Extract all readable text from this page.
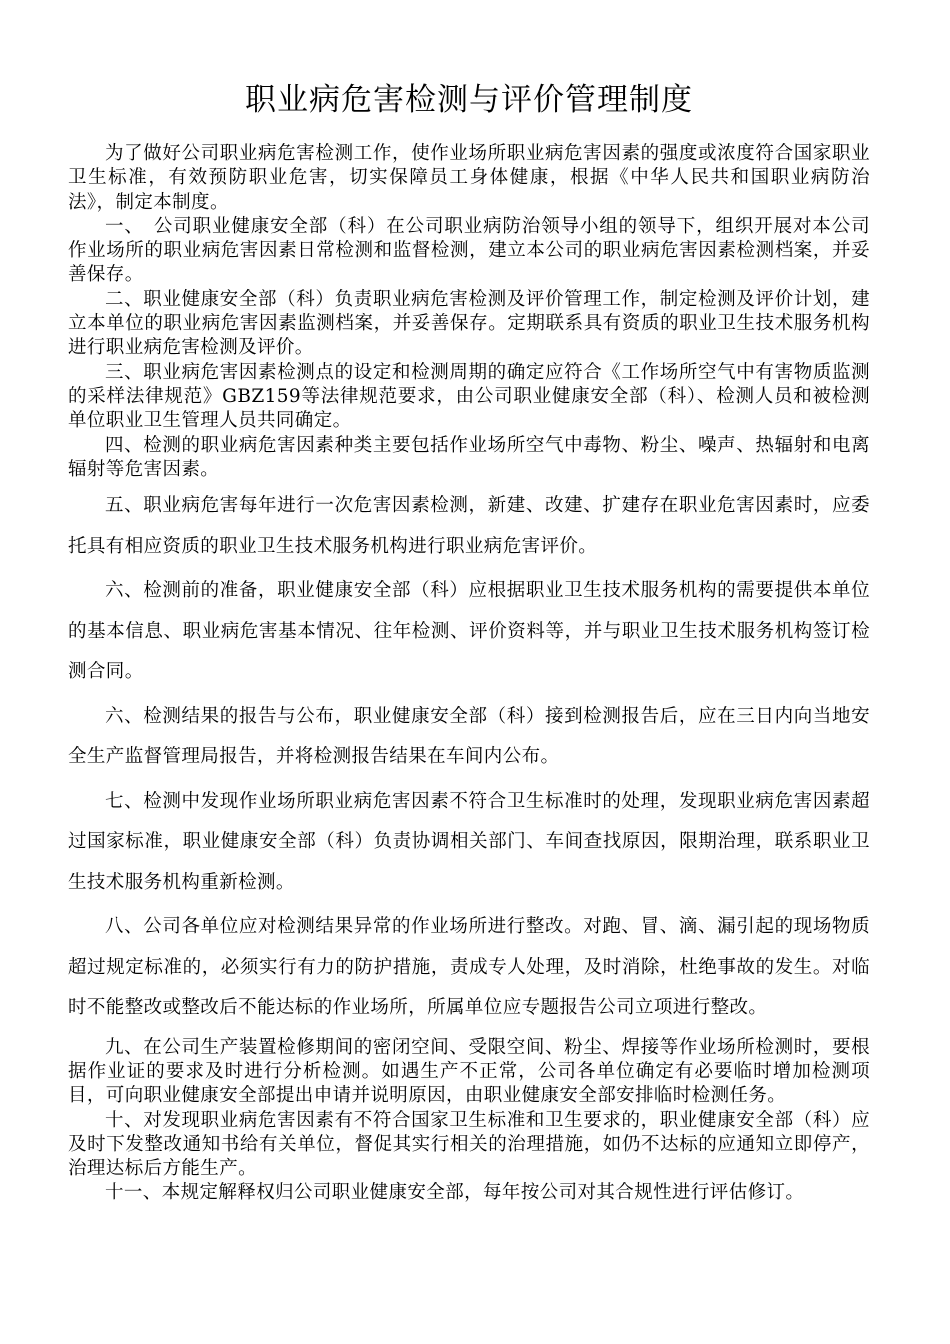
职业病危害检测与评价管理制度

为了做好公司职业病危害检测工作，使作业场所职业病危害因素的强度或浓度符合国家职业卫生标准，有效预防职业危害，切实保障员工身体健康，根据《中华人民共和国职业病防治法》，制定本制度。

一、　公司职业健康安全部（科）在公司职业病防治领导小组的领导下，组织开展对本公司作业场所的职业病危害因素日常检测和监督检测，建立本公司的职业病危害因素检测档案，并妥善保存。

二、职业健康安全部（科）负责职业病危害检测及评价管理工作，制定检测及评价计划，建立本单位的职业病危害因素监测档案，并妥善保存。定期联系具有资质的职业卫生技术服务机构进行职业病危害检测及评价。

三、职业病危害因素检测点的设定和检测周期的确定应符合《工作场所空气中有害物质监测的采样法律规范》GBZ159等法律规范要求，由公司职业健康安全部（科）、检测人员和被检测单位职业卫生管理人员共同确定。

四、检测的职业病危害因素种类主要包括作业场所空气中毒物、粉尘、噪声、热辐射和电离辐射等危害因素。

五、职业病危害每年进行一次危害因素检测，新建、改建、扩建存在职业危害因素时，应委托具有相应资质的职业卫生技术服务机构进行职业病危害评价。

六、检测前的准备，职业健康安全部（科）应根据职业卫生技术服务机构的需要提供本单位的基本信息、职业病危害基本情况、往年检测、评价资料等，并与职业卫生技术服务机构签订检测合同。

六、检测结果的报告与公布，职业健康安全部（科）接到检测报告后，应在三日内向当地安全生产监督管理局报告，并将检测报告结果在车间内公布。

七、检测中发现作业场所职业病危害因素不符合卫生标准时的处理，发现职业病危害因素超过国家标准，职业健康安全部（科）负责协调相关部门、车间查找原因，限期治理，联系职业卫生技术服务机构重新检测。

八、公司各单位应对检测结果异常的作业场所进行整改。对跑、冒、滴、漏引起的现场物质超过规定标准的，必须实行有力的防护措施，责成专人处理，及时消除，杜绝事故的发生。对临时不能整改或整改后不能达标的作业场所，所属单位应专题报告公司立项进行整改。

九、在公司生产装置检修期间的密闭空间、受限空间、粉尘、焊接等作业场所检测时，要根据作业证的要求及时进行分析检测。如遇生产不正常，公司各单位确定有必要临时增加检测项目，可向职业健康安全部提出申请并说明原因，由职业健康安全部安排临时检测任务。

十、对发现职业病危害因素有不符合国家卫生标准和卫生要求的，职业健康安全部（科）应及时下发整改通知书给有关单位，督促其实行相关的治理措施，如仍不达标的应通知立即停产，治理达标后方能生产。

十一、本规定解释权归公司职业健康安全部，每年按公司对其合规性进行评估修订。
